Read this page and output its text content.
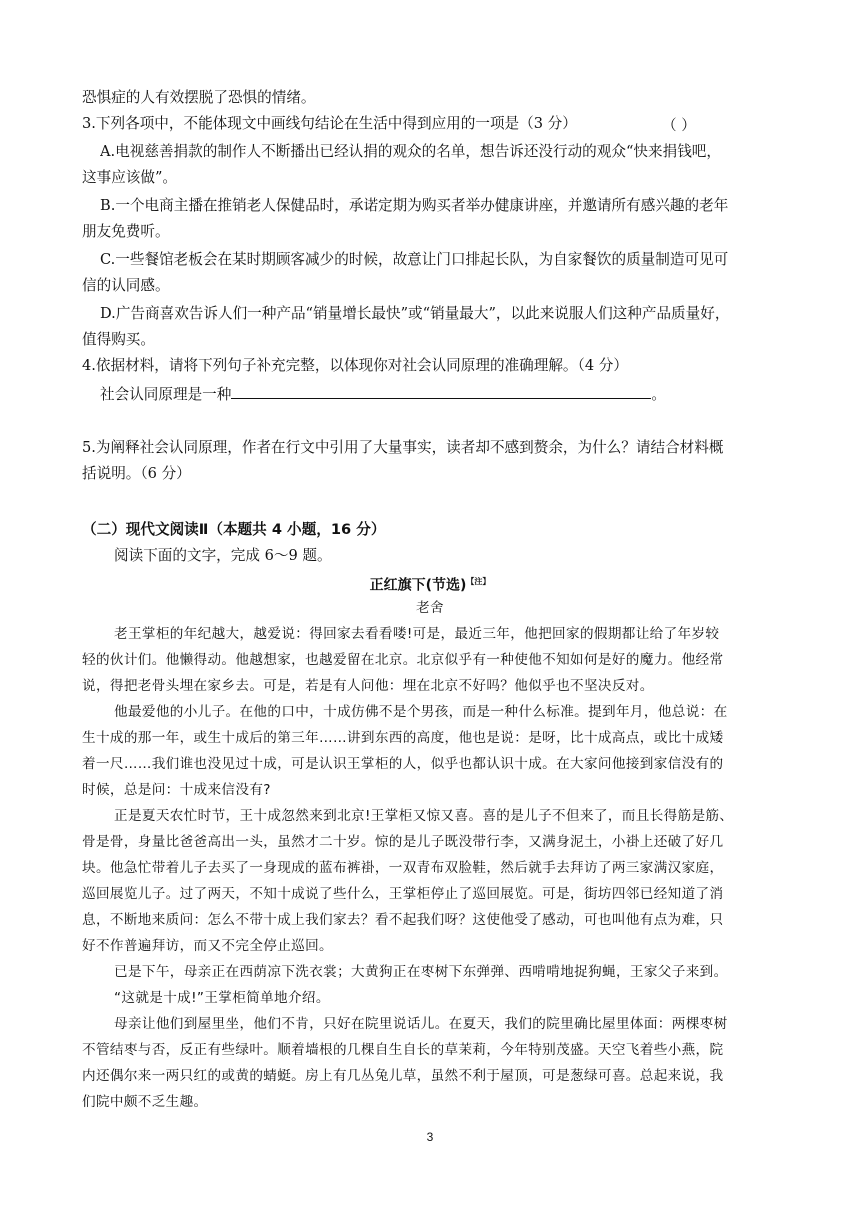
恐惧症的人有效摆脱了恐惧的情绪。
3.下列各项中，不能体现文中画线句结论在生活中得到应用的一项是（3 分）	（ ）
A.电视慈善捐款的制作人不断播出已经认捐的观众的名单，想告诉还没行动的观众“快来捐钱吧，
这事应该做”。
B.一个电商主播在推销老人保健品时，承诺定期为购买者举办健康讲座，并邀请所有感兴趣的老年
朋友免费听。
C.一些餐馆老板会在某时期顾客减少的时候，故意让门口排起长队，为自家餐饮的质量制造可见可
信的认同感。
D.广告商喜欢告诉人们一种产品“销量增长最快”或“销量最大”，以此来说服人们这种产品质量好，
值得购买。
4.依据材料，请将下列句子补充完整，以体现你对社会认同原理的准确理解。（4 分）
社会认同原理是一种	。
5.为阐释社会认同原理，作者在行文中引用了大量事实，读者却不感到赘余，为什么？请结合材料概
括说明。（6 分）
（二）现代文阅读Ⅱ（本题共 4 小题，16 分）
阅读下面的文字，完成 6～9 题。
正红旗下(节选)$^{【注】}$
老舍
老王掌柜的年纪越大，越爱说：得回家去看看喽!可是，最近三年，他把回家的假期都让给了年岁较
轻的伙计们。他懒得动。他越想家，也越爱留在北京。北京似乎有一种使他不知如何是好的魔力。他经常
说，得把老骨头埋在家乡去。可是，若是有人问他：埋在北京不好吗？他似乎也不坚决反对。
他最爱他的小儿子。在他的口中，十成仿佛不是个男孩，而是一种什么标准。提到年月，他总说：在
生十成的那一年，或生十成后的第三年……讲到东西的高度，他也是说：是呀，比十成高点，或比十成矮
着一尺……我们谁也没见过十成，可是认识王掌柜的人，似乎也都认识十成。在大家问他接到家信没有的
时候，总是问：十成来信没有?
正是夏天农忙时节，王十成忽然来到北京!王掌柜又惊又喜。喜的是儿子不但来了，而且长得筋是筋、
骨是骨，身量比爸爸高出一头，虽然才二十岁。惊的是儿子既没带行李，又满身泥土，小褂上还破了好几
块。他急忙带着儿子去买了一身现成的蓝布裤褂，一双青布双脸鞋，然后就手去拜访了两三家满汉家庭，
巡回展览儿子。过了两天，不知十成说了些什么，王掌柜停止了巡回展览。可是，街坊四邻已经知道了消
息，不断地来质问：怎么不带十成上我们家去？看不起我们呀？这使他受了感动，可也叫他有点为难，只
好不作普遍拜访，而又不完全停止巡回。
已是下午，母亲正在西荫凉下洗衣裳；大黄狗正在枣树下东弹弹、西啃啃地捉狗蝇，王家父子来到。
“这就是十成!”王掌柜简单地介绍。
母亲让他们到屋里坐，他们不肯，只好在院里说话儿。在夏天，我们的院里确比屋里体面：两棵枣树
不管结枣与否，反正有些绿叶。顺着墙根的几棵自生自长的草茉莉，今年特别茂盛。天空飞着些小燕，院
内还偶尔来一两只红的或黄的蜻蜓。房上有几丛兔儿草，虽然不利于屋顶，可是葱绿可喜。总起来说，我
们院中颇不乏生趣。
3
